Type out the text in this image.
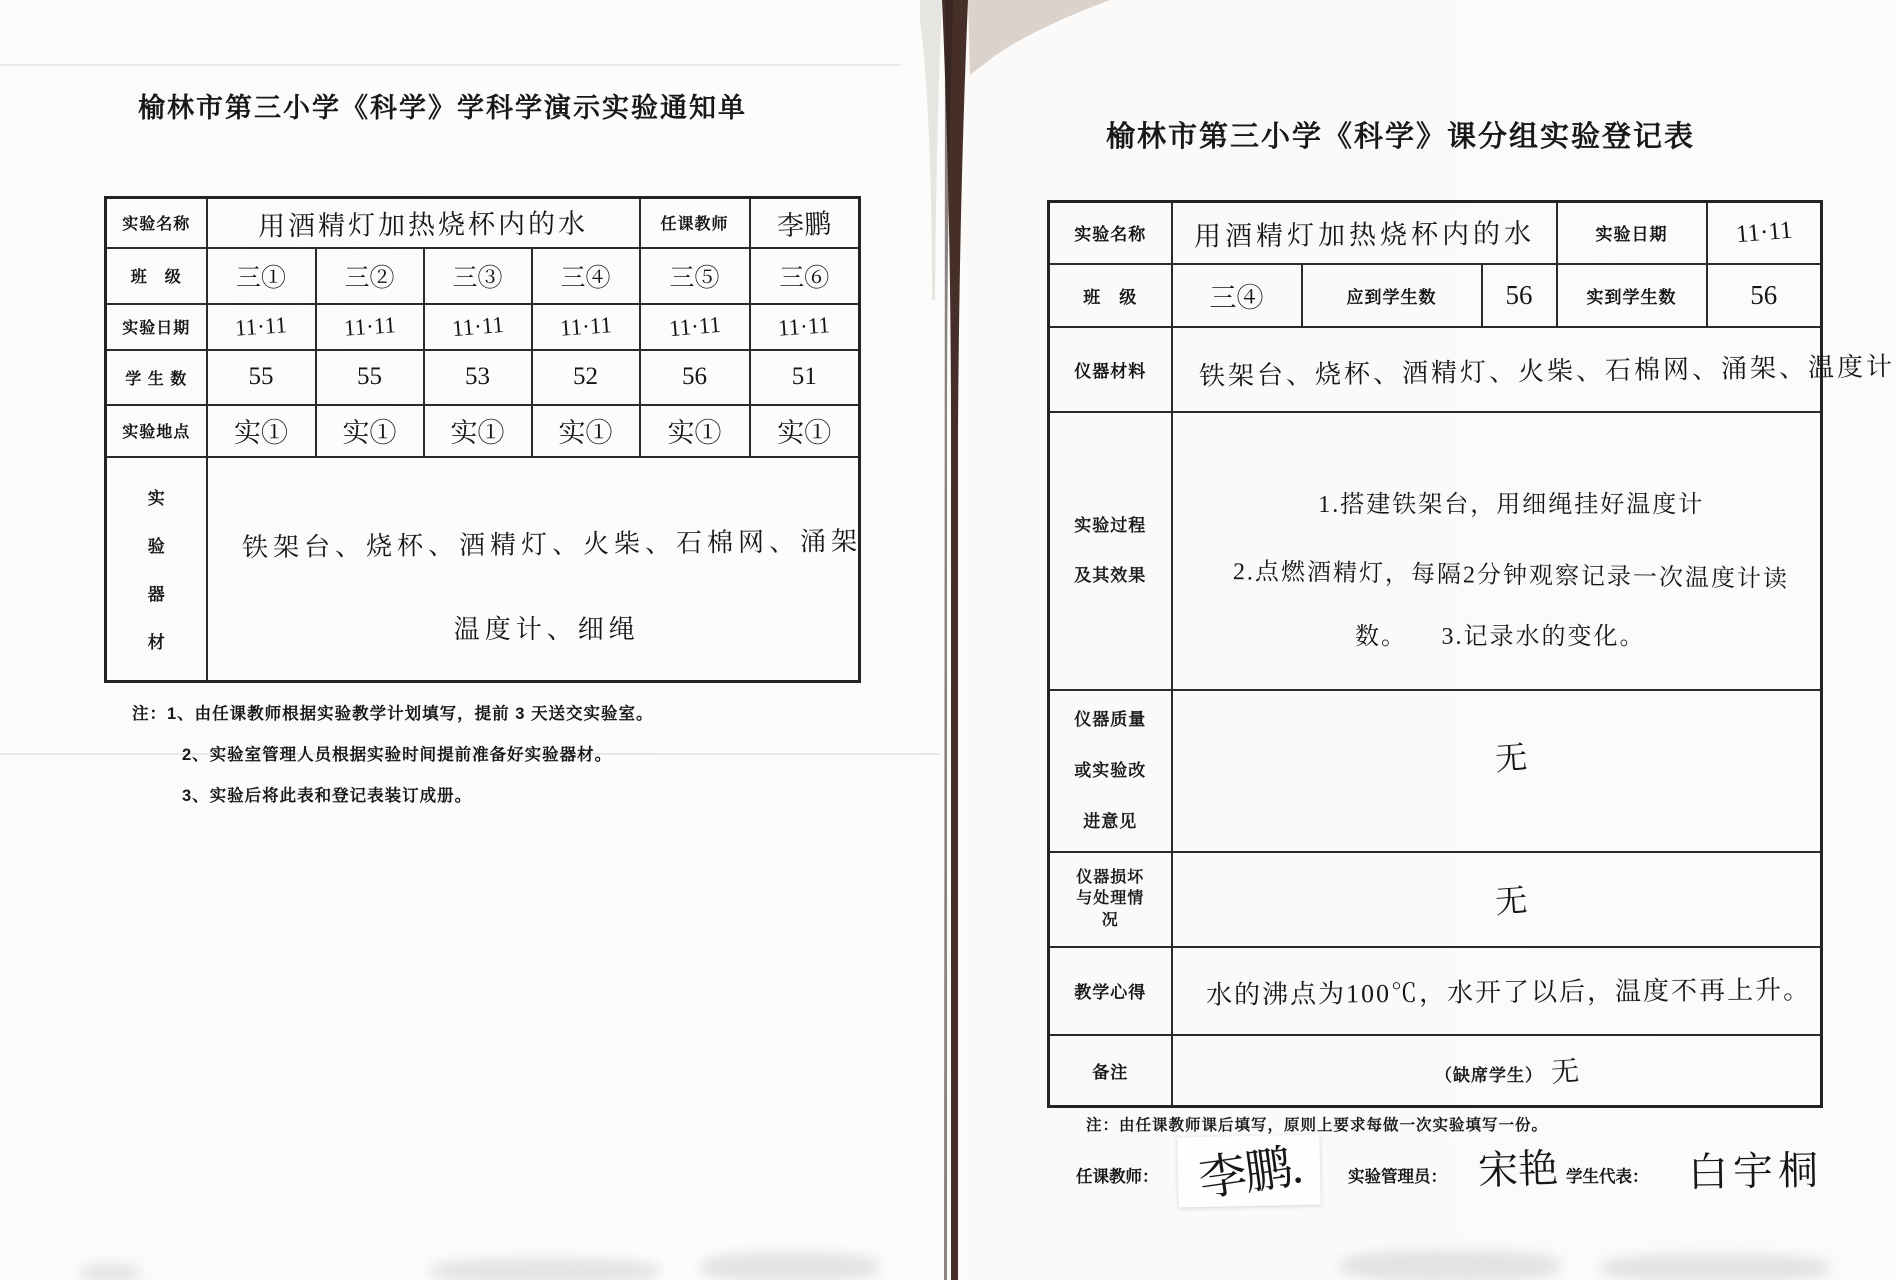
榆林市第三小学《科学》学科学演示实验通知单
实验名称	用酒精灯加热烧杯内的水				任课教师	李鹏
班　级	三①	三②	三③	三④	三⑤	三⑥
实验日期	11·11	11·11	11·11	11·11	11·11	11·11
学 生 数	55	55	53	52	56	51
实验地点	实①	实①	实①	实①	实①	实①

实
验
器
材
	铁架台、烧杯、酒精灯、火柴、石棉网、涌架 温度计、细绳
注：1、由任课教师根据实验教学计划填写，提前 3 天送交实验室。
2、实验室管理人员根据实验时间提前准备好实验器材。
3、实验后将此表和登记表装订成册。
榆林市第三小学《科学》课分组实验登记表
实验名称	用酒精灯加热烧杯内的水			实验日期	11·11
班　级	三④	应到学生数	56	实到学生数	56
仪器材料	铁架台、烧杯、酒精灯、火柴、石棉网、涌架、温度计				

实验过程
及其效果
	1.搭建铁架台，用细绳挂好温度计 2.点燃酒精灯，每隔2分钟观察记录一次温度计读 数。 3.记录水的变化。

仪器质量
或实验改
进意见	无				

仪器损坏
与处理情
况	无				
教学心得	水的沸点为100℃，水开了以后，温度不再上升。				
备注	（缺席学生） 无				
注：由任课教师课后填写，原则上要求每做一次实验填写一份。
任课教师： 李鹏.	实验管理员： 宋艳 学生代表： 白宇桐
